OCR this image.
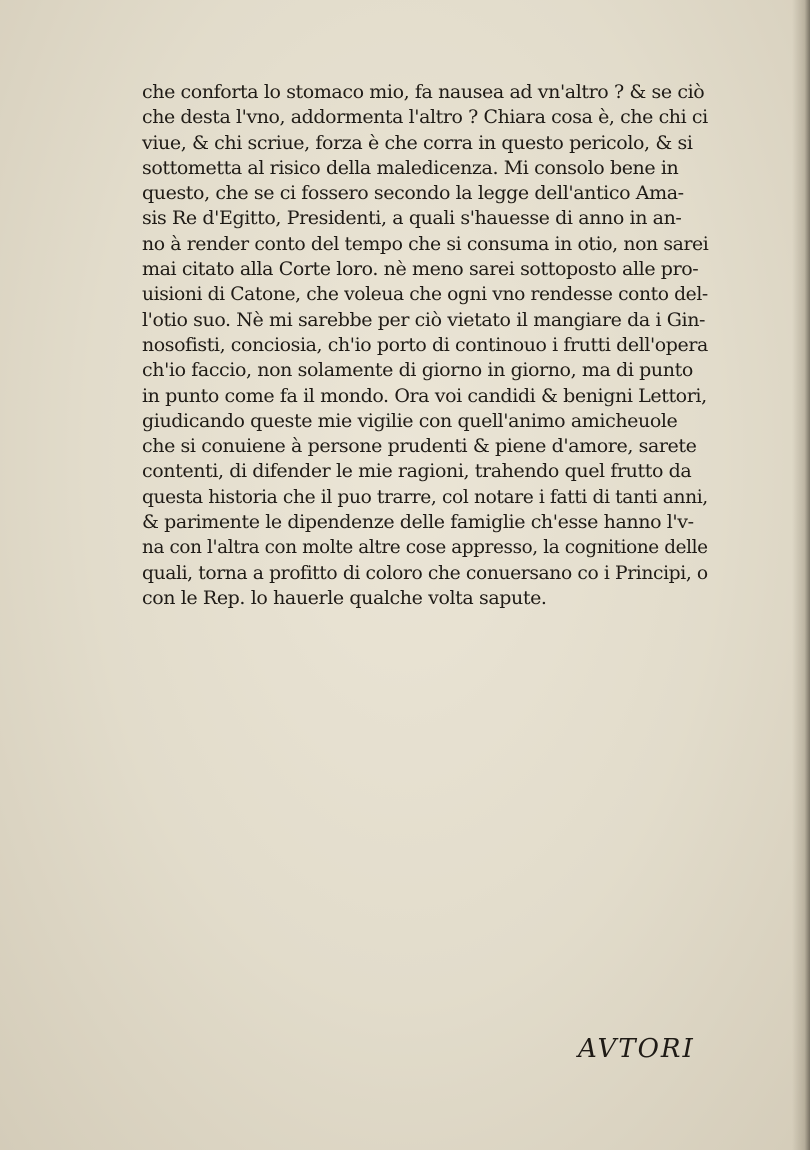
che conforta lo stomaco mio, fa nausea ad vn'altro ? & se ciò
che desta l'vno, addormenta l'altro ? Chiara cosa è, che chi ci
viue, & chi scriue, forza è che corra in questo pericolo, & si
sottometta al risico della maledicenza. Mi consolo bene in
questo, che se ci fossero secondo la legge dell'antico Ama-
sis Re d'Egitto, Presidenti, a quali s'hauesse di anno in an-
no à render conto del tempo che si consuma in otio, non sarei
mai citato alla Corte loro. nè meno sarei sottoposto alle pro-
uisioni di Catone, che voleua che ogni vno rendesse conto del-
l'otio suo. Nè mi sarebbe per ciò vietato il mangiare da i Gin-
nosofisti, conciosia, ch'io porto di continouo i frutti dell'opera
ch'io faccio, non solamente di giorno in giorno, ma di punto
in punto come fa il mondo. Ora voi candidi & benigni Lettori,
giudicando queste mie vigilie con quell'animo amicheuole
che si conuiene à persone prudenti & piene d'amore, sarete
contenti, di difender le mie ragioni, trahendo quel frutto da
questa historia che il puo trarre, col notare i fatti di tanti anni,
& parimente le dipendenze delle famiglie ch'esse hanno l'v-
na con l'altra con molte altre cose appresso, la cognitione delle
quali, torna a profitto di coloro che conuersano co i Principi, o
con le Rep. lo hauerle qualche volta sapute.
AVTORI
